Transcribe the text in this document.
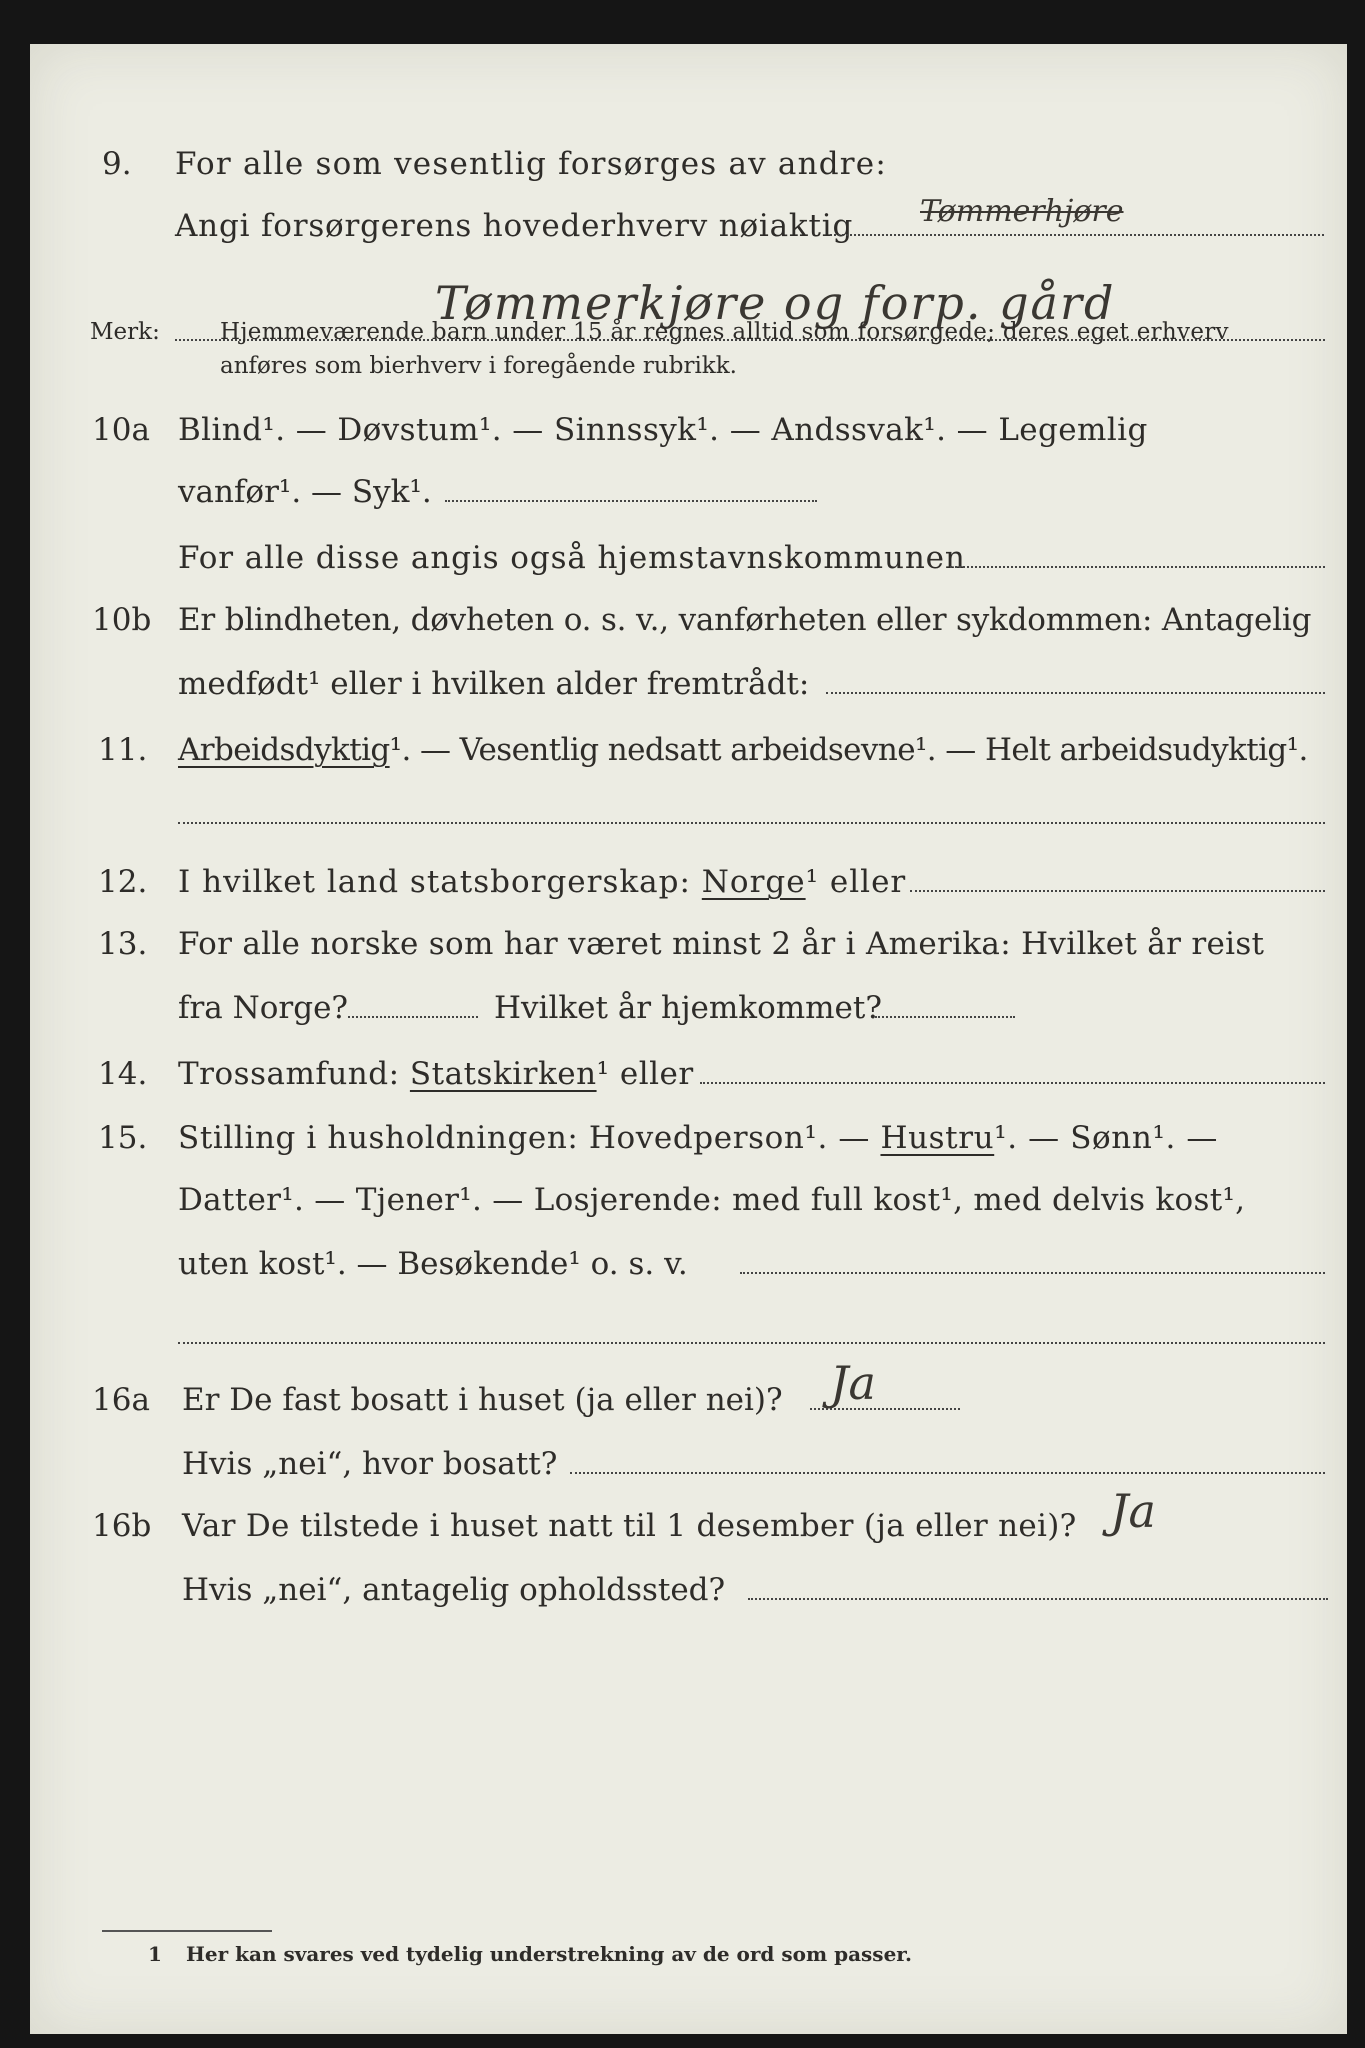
9. For alle som vesentlig forsørges av andre:
Angi forsørgerens hovederhverv nøiaktig Tømmerhjøre
Tømmerkjøre og forp. gård
Merk:	Hjemmeværende barn under 15 år regnes alltid som forsørgede; deres eget erhverv
anføres som bierhverv i foregående rubrikk.
10a Blind¹. — Døvstum¹. — Sinnssyk¹. — Andssvak¹. — Legemlig
vanfør¹. — Syk¹.
For alle disse angis også hjemstavnskommunen
10b Er blindheten, døvheten o. s. v., vanførheten eller sykdommen: Antagelig
medfødt¹ eller i hvilken alder fremtrådt:
11. Arbeidsdyktig¹. — Vesentlig nedsatt arbeidsevne¹. — Helt arbeidsudyktig¹.
12. I hvilket land statsborgerskap: Norge¹ eller
13. For alle norske som har været minst 2 år i Amerika: Hvilket år reist
fra Norge?	Hvilket år hjemkommet?
14. Trossamfund: Statskirken¹ eller
15. Stilling i husholdningen: Hovedperson¹. — Hustru¹. — Sønn¹. —
Datter¹. — Tjener¹. — Losjerende: med full kost¹, med delvis kost¹,
uten kost¹. — Besøkende¹ o. s. v.
16a Er De fast bosatt i huset (ja eller nei)? Ja
Hvis „nei“, hvor bosatt?
16b Var De tilstede i huset natt til 1 desember (ja eller nei)? Ja
Hvis „nei“, antagelig opholdssted?
1 Her kan svares ved tydelig understrekning av de ord som passer.
